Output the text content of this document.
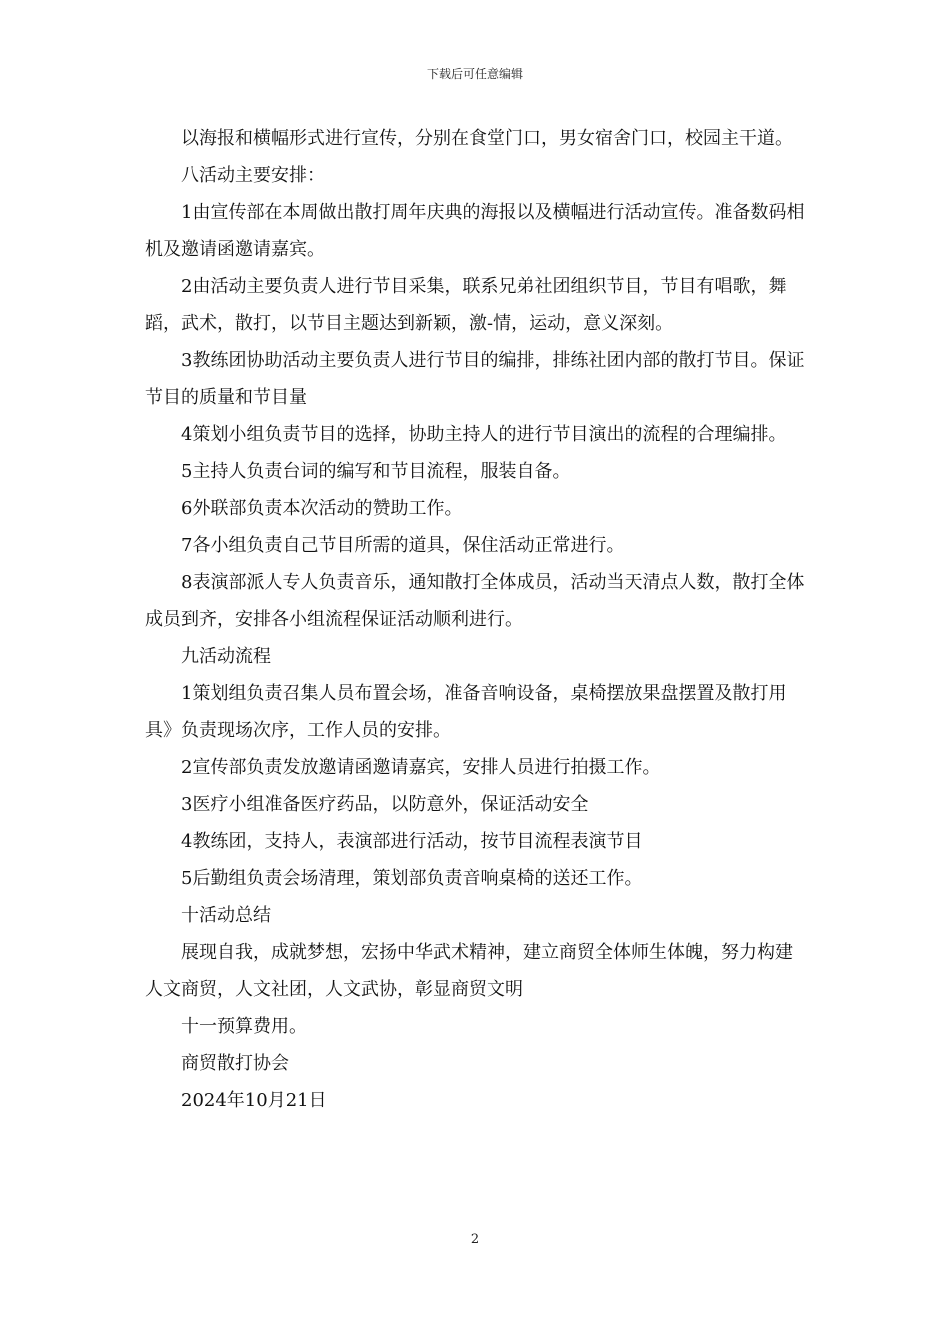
下载后可任意编辑

以海报和横幅形式进行宣传，分别在食堂门口，男女宿舍门口，校园主干道。

八活动主要安排：

1由宣传部在本周做出散打周年庆典的海报以及横幅进行活动宣传。准备数码相机及邀请函邀请嘉宾。

2由活动主要负责人进行节目采集，联系兄弟社团组织节目，节目有唱歌，舞蹈，武术，散打，以节目主题达到新颖，激-情，运动，意义深刻。

3教练团协助活动主要负责人进行节目的编排，排练社团内部的散打节目。保证节目的质量和节目量

4策划小组负责节目的选择，协助主持人的进行节目演出的流程的合理编排。

5主持人负责台词的编写和节目流程，服装自备。

6外联部负责本次活动的赞助工作。

7各小组负责自己节目所需的道具，保住活动正常进行。

8表演部派人专人负责音乐，通知散打全体成员，活动当天清点人数，散打全体成员到齐，安排各小组流程保证活动顺利进行。

九活动流程

1策划组负责召集人员布置会场，准备音响设备，桌椅摆放果盘摆置及散打用具》负责现场次序，工作人员的安排。

2宣传部负责发放邀请函邀请嘉宾，安排人员进行拍摄工作。

3医疗小组准备医疗药品，以防意外，保证活动安全

4教练团，支持人，表演部进行活动，按节目流程表演节目

5后勤组负责会场清理，策划部负责音响桌椅的送还工作。

十活动总结

展现自我，成就梦想，宏扬中华武术精神，建立商贸全体师生体魄，努力构建人文商贸，人文社团，人文武协，彰显商贸文明

十一预算费用。

商贸散打协会

2024年10月21日

2
